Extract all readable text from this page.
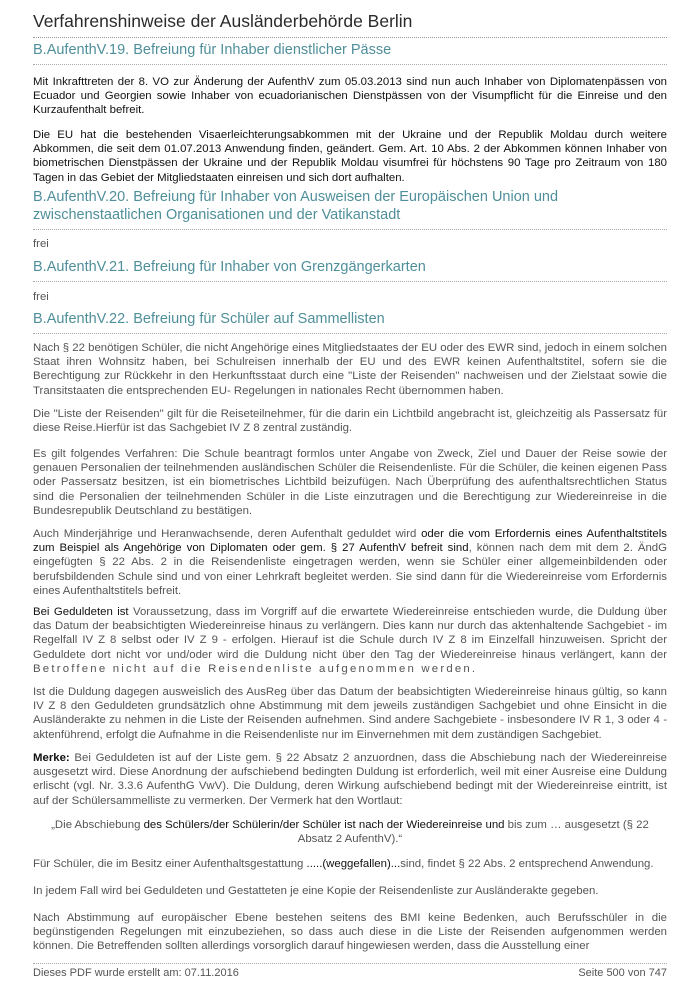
Verfahrenshinweise der Ausländerbehörde Berlin
B.AufenthV.19. Befreiung für Inhaber dienstlicher Pässe
Mit Inkrafttreten der 8. VO zur Änderung der AufenthV zum 05.03.2013 sind nun auch Inhaber von Diplomatenpässen von Ecuador und Georgien sowie Inhaber von ecuadorianischen Dienstpässen von der Visumpflicht für die Einreise und den Kurzaufenthalt befreit.
Die EU hat die bestehenden Visaerleichterungsabkommen mit der Ukraine und der Republik Moldau durch weitere Abkommen, die seit dem 01.07.2013 Anwendung finden, geändert. Gem. Art. 10 Abs. 2 der Abkommen können Inhaber von biometrischen Dienstpässen der Ukraine und der Republik Moldau visumfrei für höchstens 90 Tage pro Zeitraum von 180 Tagen in das Gebiet der Mitgliedstaaten einreisen und sich dort aufhalten.
B.AufenthV.20. Befreiung für Inhaber von Ausweisen der Europäischen Union und zwischenstaatlichen Organisationen und der Vatikanstadt
frei
B.AufenthV.21. Befreiung für Inhaber von Grenzgängerkarten
frei
B.AufenthV.22. Befreiung für Schüler auf Sammellisten
Nach § 22 benötigen Schüler, die nicht Angehörige eines Mitgliedstaates der EU oder des EWR sind, jedoch in einem solchen Staat ihren Wohnsitz haben, bei Schulreisen innerhalb der EU und des EWR keinen Aufenthaltstitel, sofern sie die Berechtigung zur Rückkehr in den Herkunftsstaat durch eine "Liste der Reisenden" nachweisen und der Zielstaat sowie die Transitstaaten die entsprechenden EU- Regelungen in nationales Recht übernommen haben.
Die "Liste der Reisenden" gilt für die Reiseteilnehmer, für die darin ein Lichtbild angebracht ist, gleichzeitig als Passersatz für diese Reise.Hierfür ist das Sachgebiet IV Z 8 zentral zuständig.
Es gilt folgendes Verfahren: Die Schule beantragt formlos unter Angabe von Zweck, Ziel und Dauer der Reise sowie der genauen Personalien der teilnehmenden ausländischen Schüler die Reisendenliste. Für die Schüler, die keinen eigenen Pass oder Passersatz besitzen, ist ein biometrisches Lichtbild beizufügen. Nach Überprüfung des aufenthaltsrechtlichen Status sind die Personalien der teilnehmenden Schüler in die Liste einzutragen und die Berechtigung zur Wiedereinreise in die Bundesrepublik Deutschland zu bestätigen.
Auch Minderjährige und Heranwachsende, deren Aufenthalt geduldet wird oder die vom Erfordernis eines Aufenthaltstitels zum Beispiel als Angehörige von Diplomaten oder gem. § 27 AufenthV befreit sind, können nach dem mit dem 2. ÄndG eingefügten § 22 Abs. 2 in die Reisendenliste eingetragen werden, wenn sie Schüler einer allgemeinbildenden oder berufsbildenden Schule sind und von einer Lehrkraft begleitet werden. Sie sind dann für die Wiedereinreise vom Erfordernis eines Aufenthaltstitels befreit.
Bei Geduldeten ist Voraussetzung, dass im Vorgriff auf die erwartete Wiedereinreise entschieden wurde, die Duldung über das Datum der beabsichtigten Wiedereinreise hinaus zu verlängern. Dies kann nur durch das aktenhaltende Sachgebiet - im Regelfall IV Z 8 selbst oder IV Z 9 - erfolgen. Hierauf ist die Schule durch IV Z 8 im Einzelfall hinzuweisen. Spricht der Geduldete dort nicht vor und/oder wird die Duldung nicht über den Tag der Wiedereinreise hinaus verlängert, kann der Betroffene nicht auf die Reisendenliste aufgenommen werden.
Ist die Duldung dagegen ausweislich des AusReg über das Datum der beabsichtigten Wiedereinreise hinaus gültig, so kann IV Z 8 den Geduldeten grundsätzlich ohne Abstimmung mit dem jeweils zuständigen Sachgebiet und ohne Einsicht in die Ausländerakte zu nehmen in die Liste der Reisenden aufnehmen. Sind andere Sachgebiete - insbesondere IV R 1, 3 oder 4 - aktenführend, erfolgt die Aufnahme in die Reisendenliste nur im Einvernehmen mit dem zuständigen Sachgebiet.
Merke: Bei Geduldeten ist auf der Liste gem. § 22 Absatz 2 anzuordnen, dass die Abschiebung nach der Wiedereinreise ausgesetzt wird. Diese Anordnung der aufschiebend bedingten Duldung ist erforderlich, weil mit einer Ausreise eine Duldung erlischt (vgl. Nr. 3.3.6 AufenthG VwV). Die Duldung, deren Wirkung aufschiebend bedingt mit der Wiedereinreise eintritt, ist auf der Schülersammelliste zu vermerken. Der Vermerk hat den Wortlaut:
„Die Abschiebung des Schülers/der Schülerin/der Schüler ist nach der Wiedereinreise und bis zum … ausgesetzt (§ 22 Absatz 2 AufenthV).“
Für Schüler, die im Besitz einer Aufenthaltsgestattung .....(weggefallen)...sind, findet § 22 Abs. 2 entsprechend Anwendung.
In jedem Fall wird bei Geduldeten und Gestatteten je eine Kopie der Reisendenliste zur Ausländerakte gegeben.
Nach Abstimmung auf europäischer Ebene bestehen seitens des BMI keine Bedenken, auch Berufsschüler in die begünstigenden Regelungen mit einzubeziehen, so dass auch diese in die Liste der Reisenden aufgenommen werden können. Die Betreffenden sollten allerdings vorsorglich darauf hingewiesen werden, dass die Ausstellung einer
Dieses PDF wurde erstellt am: 07.11.2016	Seite 500 von 747
